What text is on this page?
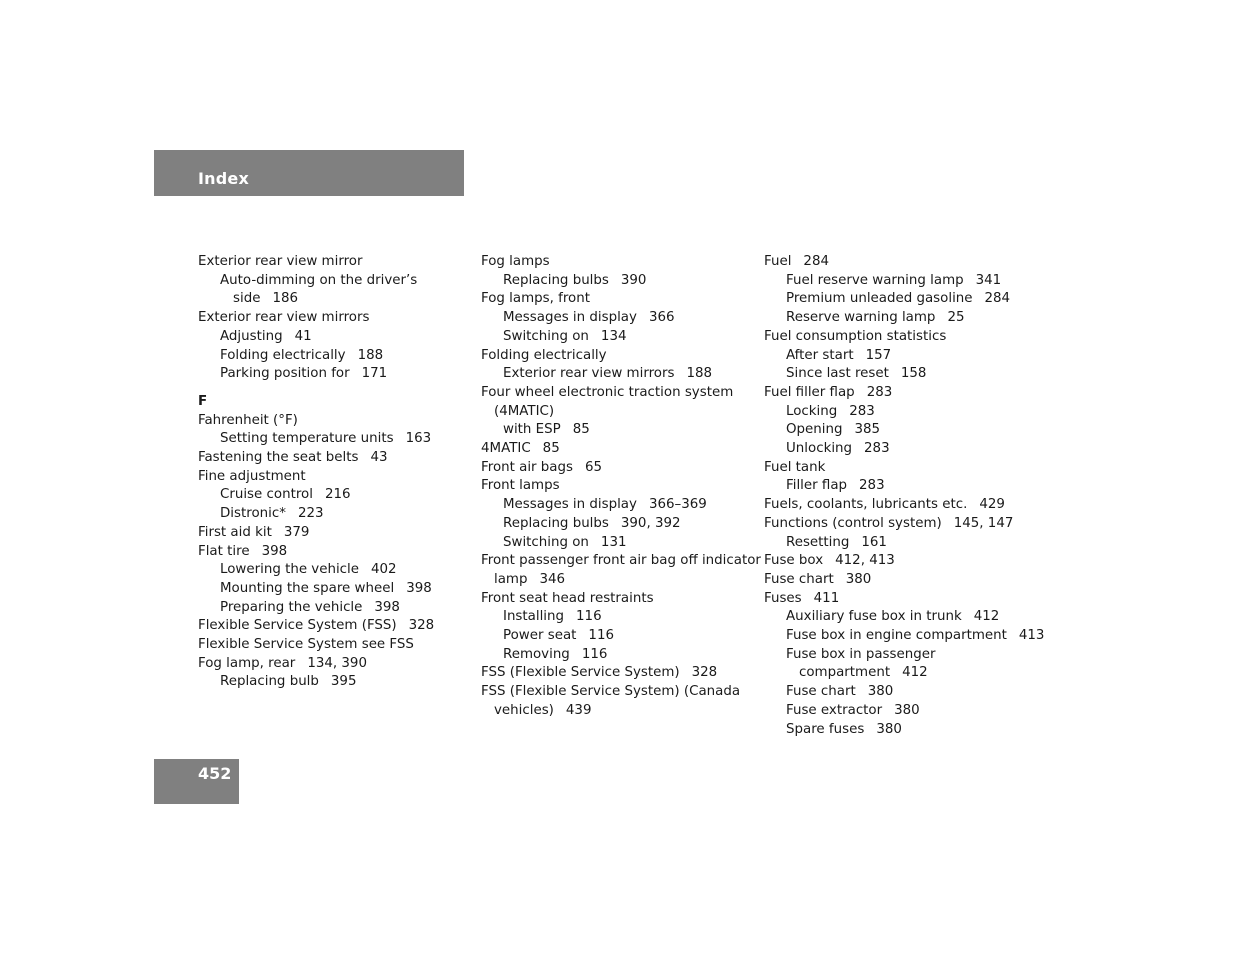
Index
Exterior rear view mirror
Auto-dimming on the driver’s
side 186
Exterior rear view mirrors
Adjusting 41
Folding electrically 188
Parking position for 171
F
Fahrenheit (°F)
Setting temperature units 163
Fastening the seat belts 43
Fine adjustment
Cruise control 216
Distronic* 223
First aid kit 379
Flat tire 398
Lowering the vehicle 402
Mounting the spare wheel 398
Preparing the vehicle 398
Flexible Service System (FSS) 328
Flexible Service System see FSS
Fog lamp, rear 134, 390
Replacing bulb 395
Fog lamps
Replacing bulbs 390
Fog lamps, front
Messages in display 366
Switching on 134
Folding electrically
Exterior rear view mirrors 188
Four wheel electronic traction system
(4MATIC)
with ESP 85
4MATIC 85
Front air bags 65
Front lamps
Messages in display 366–369
Replacing bulbs 390, 392
Switching on 131
Front passenger front air bag off indicator
lamp 346
Front seat head restraints
Installing 116
Power seat 116
Removing 116
FSS (Flexible Service System) 328
FSS (Flexible Service System) (Canada
vehicles) 439
Fuel 284
Fuel reserve warning lamp 341
Premium unleaded gasoline 284
Reserve warning lamp 25
Fuel consumption statistics
After start 157
Since last reset 158
Fuel filler flap 283
Locking 283
Opening 385
Unlocking 283
Fuel tank
Filler flap 283
Fuels, coolants, lubricants etc. 429
Functions (control system) 145, 147
Resetting 161
Fuse box 412, 413
Fuse chart 380
Fuses 411
Auxiliary fuse box in trunk 412
Fuse box in engine compartment 413
Fuse box in passenger
compartment 412
Fuse chart 380
Fuse extractor 380
Spare fuses 380
452
